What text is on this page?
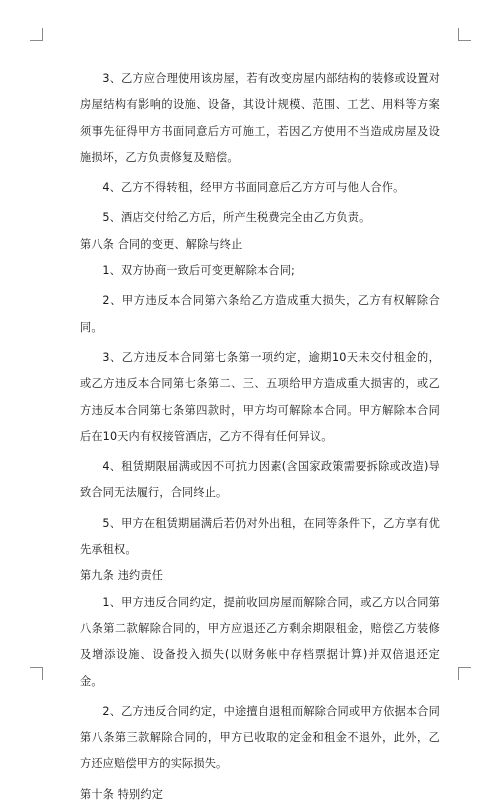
3、乙方应合理使用该房屋，若有改变房屋内部结构的装修或设置对房屋结构有影响的设施、设备，其设计规模、范围、工艺、用料等方案须事先征得甲方书面同意后方可施工，若因乙方使用不当造成房屋及设施损坏，乙方负责修复及赔偿。

4、乙方不得转租，经甲方书面同意后乙方方可与他人合作。

5、酒店交付给乙方后，所产生税费完全由乙方负责。

第八条 合同的变更、解除与终止

1、双方协商一致后可变更解除本合同;

2、甲方违反本合同第六条给乙方造成重大损失，乙方有权解除合同。

3、乙方违反本合同第七条第一项约定，逾期10天未交付租金的，或乙方违反本合同第七条第二、三、五项给甲方造成重大损害的，或乙方违反本合同第七条第四款时，甲方均可解除本合同。甲方解除本合同后在10天内有权接管酒店，乙方不得有任何异议。

4、租赁期限届满或因不可抗力因素(含国家政策需要拆除或改造)导致合同无法履行，合同终止。

5、甲方在租赁期届满后若仍对外出租，在同等条件下，乙方享有优先承租权。

第九条 违约责任

1、甲方违反合同约定，提前收回房屋而解除合同，或乙方以合同第八条第二款解除合同的，甲方应退还乙方剩余期限租金，赔偿乙方装修及增添设施、设备投入损失(以财务帐中存档票据计算)并双倍退还定金。

2、乙方违反合同约定，中途擅自退租而解除合同或甲方依据本合同第八条第三款解除合同的，甲方已收取的定金和租金不退外，此外，乙方还应赔偿甲方的实际损失。

第十条 特别约定
